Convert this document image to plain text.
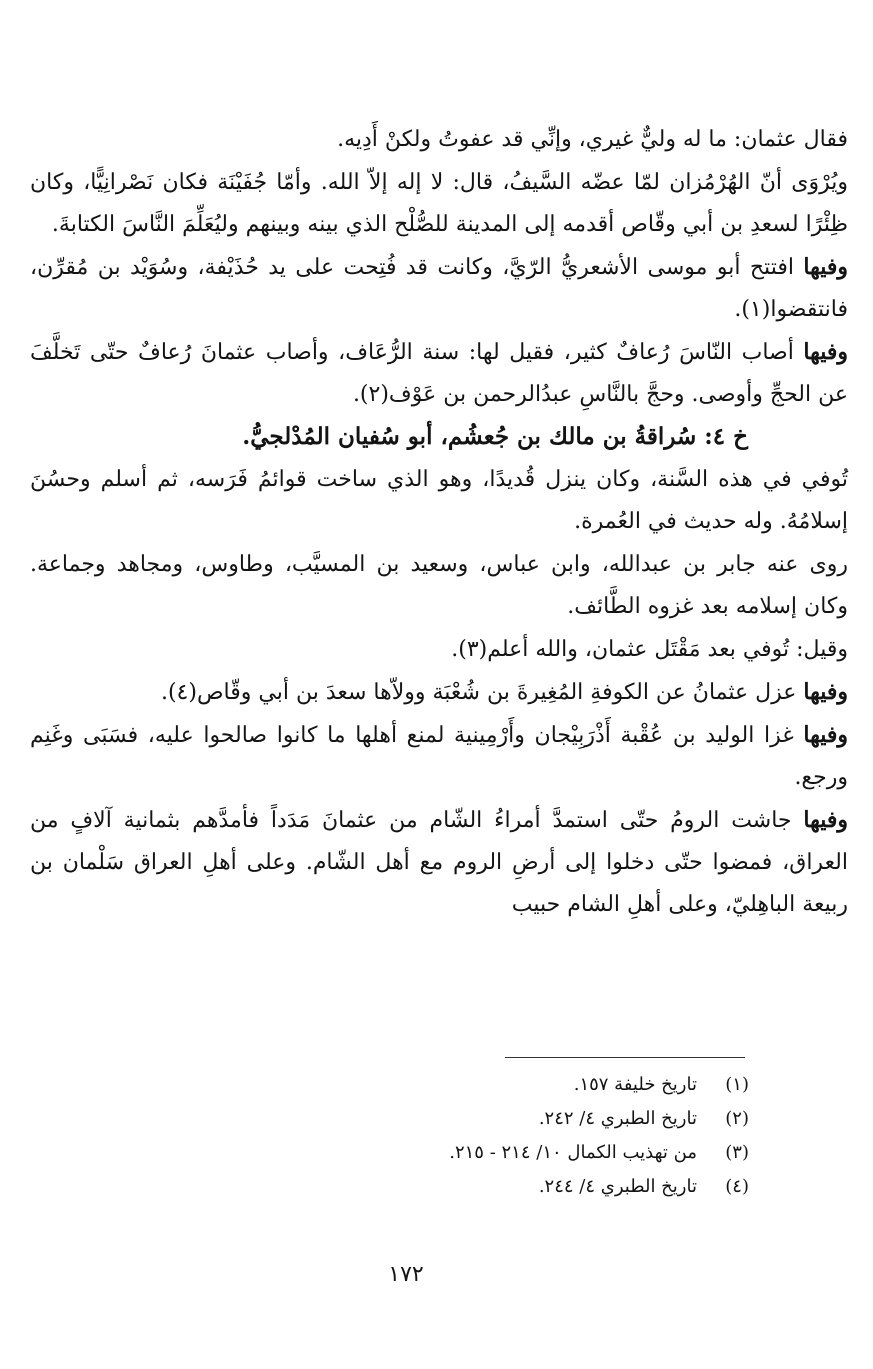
فقال عثمان: ما له وليٌّ غيري، وإنِّي قد عفوتُ ولكنْ أَدِيه.

ويُرْوَى أنّ الهُرْمُزان لمّا عضّه السَّيفُ، قال: لا إله إلاّ الله. وأمّا جُفَيْنَة فكان نَصْرانِيًّا، وكان ظِئْرًا لسعدِ بن أبي وقّاص أقدمه إلى المدينة للصُّلْح الذي بينه وبينهم وليُعَلِّمَ النَّاسَ الكتابةَ.

وفيها افتتح أبو موسى الأشعريُّ الرّيَّ، وكانت قد فُتِحت على يد حُذَيْفة، وسُوَيْد بن مُقرِّن، فانتقضوا(١).

وفيها أصاب النّاسَ رُعافٌ كثير، فقيل لها: سنة الرُّعَاف، وأصاب عثمانَ رُعافٌ حتّى تَخلَّفَ عن الحجِّ وأوصى. وحجَّ بالنَّاسِ عبدُالرحمن بن عَوْف(٢).

خ ٤: سُراقةُ بن مالك بن جُعشُم، أبو سُفيان المُدْلجيُّ.

تُوفي في هذه السَّنة، وكان ينزل قُديدًا، وهو الذي ساخت قوائمُ فَرَسه، ثم أسلم وحسُنَ إسلامُهُ. وله حديث في العُمرة.

روى عنه جابر بن عبدالله، وابن عباس، وسعيد بن المسيَّب، وطاوس، ومجاهد وجماعة. وكان إسلامه بعد غزوه الطَّائف.

وقيل: تُوفي بعد مَقْتَل عثمان، والله أعلم(٣).

وفيها عزل عثمانُ عن الكوفةِ المُغِيرةَ بن شُعْبَة وولاّها سعدَ بن أبي وقّاص(٤).

وفيها غزا الوليد بن عُقْبة أَذْرَبِيْجان وأَرْمِينية لمنع أهلها ما كانوا صالحوا عليه، فسَبَى وغَنِم ورجع.

وفيها جاشت الرومُ حتّى استمدَّ أمراءُ الشّام من عثمانَ مَدَداً فأمدَّهم بثمانية آلافٍ من العراق، فمضوا حتّى دخلوا إلى أرضِ الروم مع أهل الشّام. وعلى أهلِ العراق سَلْمان بن ربيعة الباهِليّ، وعلى أهلِ الشام حبيب

(١)
تاريخ خليفة ١٥٧.
(٢)
تاريخ الطبري ٤/ ٢٤٢.
(٣)
من تهذيب الكمال ١٠/ ٢١٤ - ٢١٥.
(٤)
تاريخ الطبري ٤/ ٢٤٤.
١٧٢
